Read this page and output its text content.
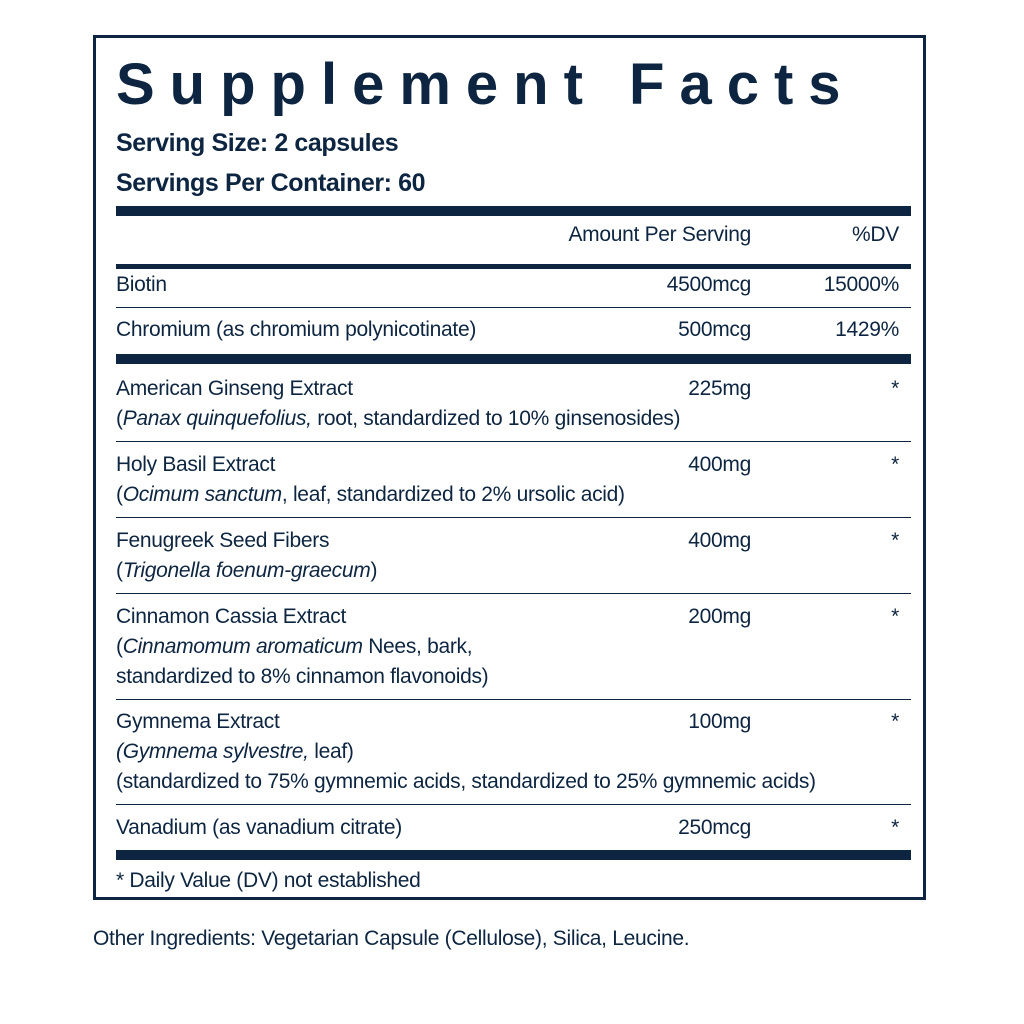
Supplement Facts
Serving Size: 2 capsules
Servings Per Container: 60
Amount Per Serving	%DV
Biotin	4500mcg	15000%
Chromium (as chromium polynicotinate)	500mcg	1429%
American Ginseng Extract	225mg	*
(Panax quinquefolius, root, standardized to 10% ginsenosides)
Holy Basil Extract	400mg	*
(Ocimum sanctum, leaf, standardized to 2% ursolic acid)
Fenugreek Seed Fibers	400mg	*
(Trigonella foenum-graecum)
Cinnamon Cassia Extract	200mg	*
(Cinnamomum aromaticum Nees, bark,
standardized to 8% cinnamon flavonoids)
Gymnema Extract	100mg	*
(Gymnema sylvestre, leaf)
(standardized to 75% gymnemic acids, standardized to 25% gymnemic acids)
Vanadium (as vanadium citrate)	250mcg	*
* Daily Value (DV) not established
Other Ingredients: Vegetarian Capsule (Cellulose), Silica, Leucine.
